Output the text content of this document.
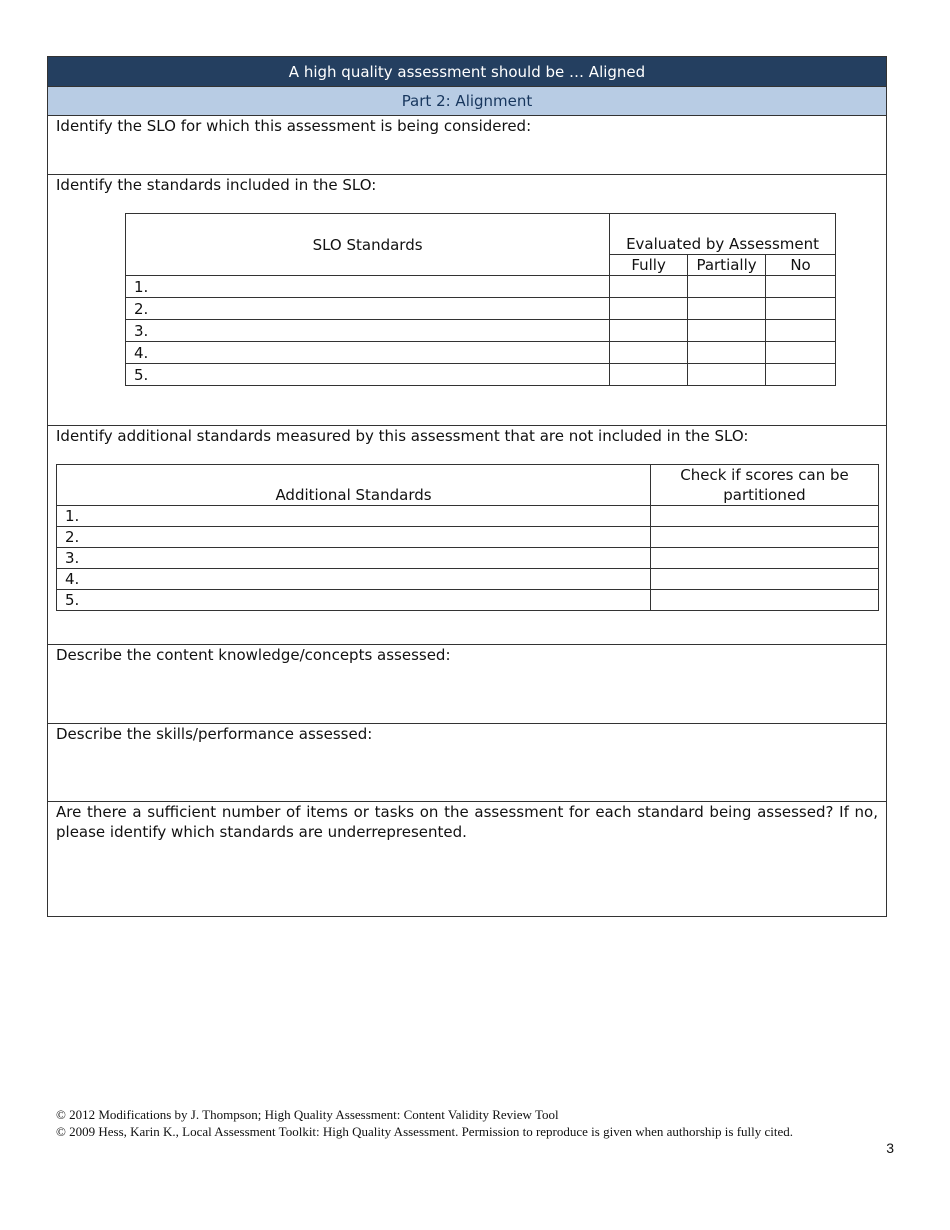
A high quality assessment should be … Aligned
Part 2: Alignment
Identify the SLO for which this assessment is being considered:
Identify the standards included in the SLO:
SLO Standards	Evaluated by Assessment		
	Fully	Partially	No
1.			
2.			
3.			
4.			
5.			
Identify additional standards measured by this assessment that are not included in the SLO:
Additional Standards	Check if scores can be partitioned
1.	
2.	
3.	
4.	
5.	
Describe the content knowledge/concepts assessed:
Describe the skills/performance assessed:
Are there a sufficient number of items or tasks on the assessment for each standard being assessed? If no, please identify which standards are underrepresented.
© 2012 Modifications by J. Thompson; High Quality Assessment: Content Validity Review Tool
© 2009 Hess, Karin K., Local Assessment Toolkit: High Quality Assessment. Permission to reproduce is given when authorship is fully cited.
3
